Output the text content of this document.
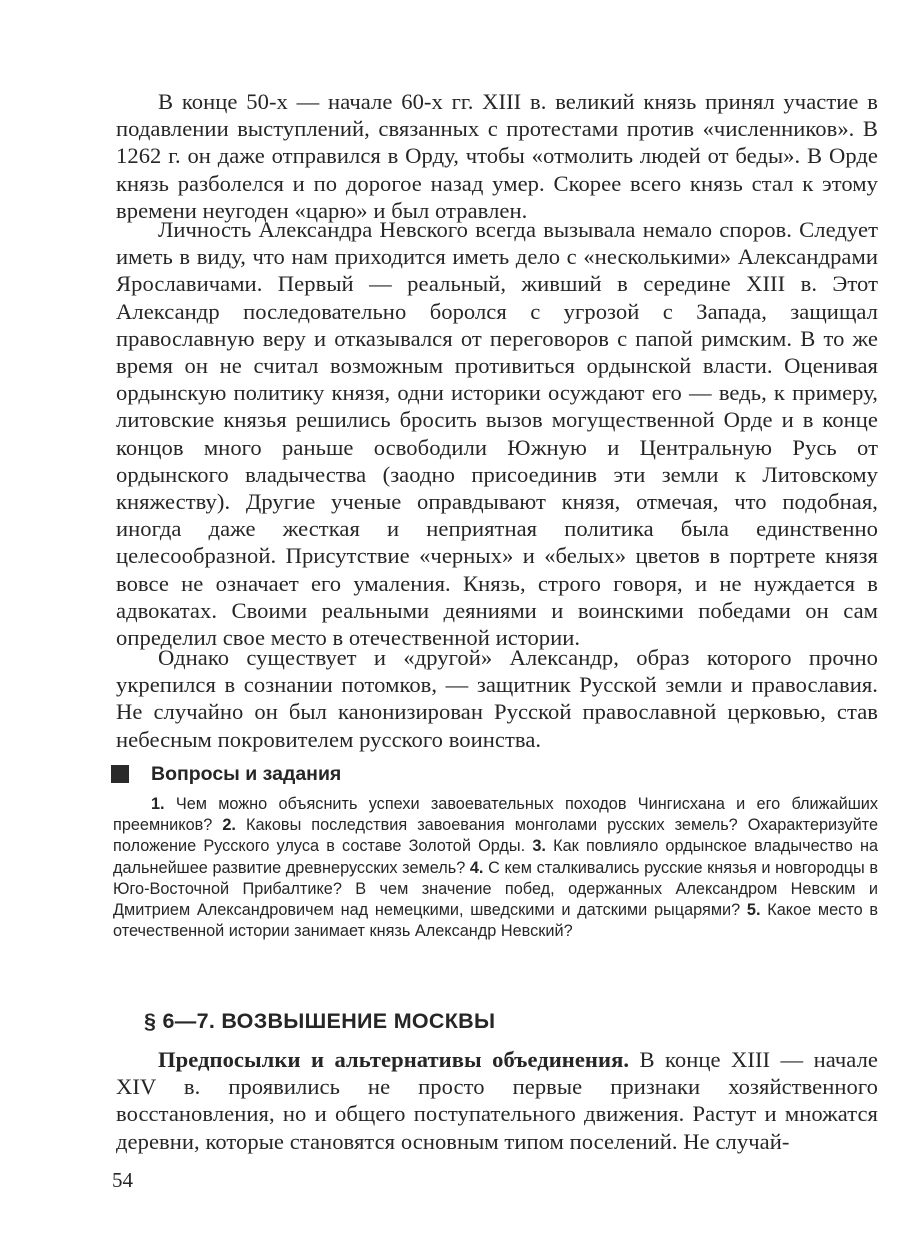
В конце 50-х — начале 60-х гг. XIII в. великий князь принял участие в подавлении выступлений, связанных с протестами против «численников». В 1262 г. он даже отправился в Орду, чтобы «отмолить людей от беды». В Орде князь разболелся и по дорогое назад умер. Скорее всего князь стал к этому времени неугоден «царю» и был отравлен.

Личность Александра Невского всегда вызывала немало споров. Следует иметь в виду, что нам приходится иметь дело с «несколькими» Александрами Ярославичами. Первый — реальный, живший в середине XIII в. Этот Александр последовательно боролся с угрозой с Запада, защищал православную веру и отказывался от переговоров с папой римским. В то же время он не считал возможным противиться ордынской власти. Оценивая ордынскую политику князя, одни историки осуждают его — ведь, к примеру, литовские князья решились бросить вызов могущественной Орде и в конце концов много раньше освободили Южную и Центральную Русь от ордынского владычества (заодно присоединив эти земли к Литовскому княжеству). Другие ученые оправдывают князя, отмечая, что подобная, иногда даже жесткая и неприятная политика была единственно целесообразной. Присутствие «черных» и «белых» цветов в портрете князя вовсе не означает его умаления. Князь, строго говоря, и не нуждается в адвокатах. Своими реальными деяниями и воинскими победами он сам определил свое место в отечественной истории.

Однако существует и «другой» Александр, образ которого прочно укрепился в сознании потомков, — защитник Русской земли и православия. Не случайно он был канонизирован Русской православной церковью, став небесным покровителем русского воинства.

Вопросы и задания

1. Чем можно объяснить успехи завоевательных походов Чингисхана и его ближайших преемников? 2. Каковы последствия завоевания монголами русских земель? Охарактеризуйте положение Русского улуса в составе Золотой Орды. 3. Как повлияло ордынское владычество на дальнейшее развитие древнерусских земель? 4. С кем сталкивались русские князья и новгородцы в Юго-Восточной Прибалтике? В чем значение побед, одержанных Александром Невским и Дмитрием Александровичем над немецкими, шведскими и датскими рыцарями? 5. Какое место в отечественной истории занимает князь Александр Невский?

§ 6—7. ВОЗВЫШЕНИЕ МОСКВЫ

Предпосылки и альтернативы объединения. В конце XIII — начале XIV в. проявились не просто первые признаки хозяйственного восстановления, но и общего поступательного движения. Растут и множатся деревни, которые становятся основным типом поселений. Не случай-

54
